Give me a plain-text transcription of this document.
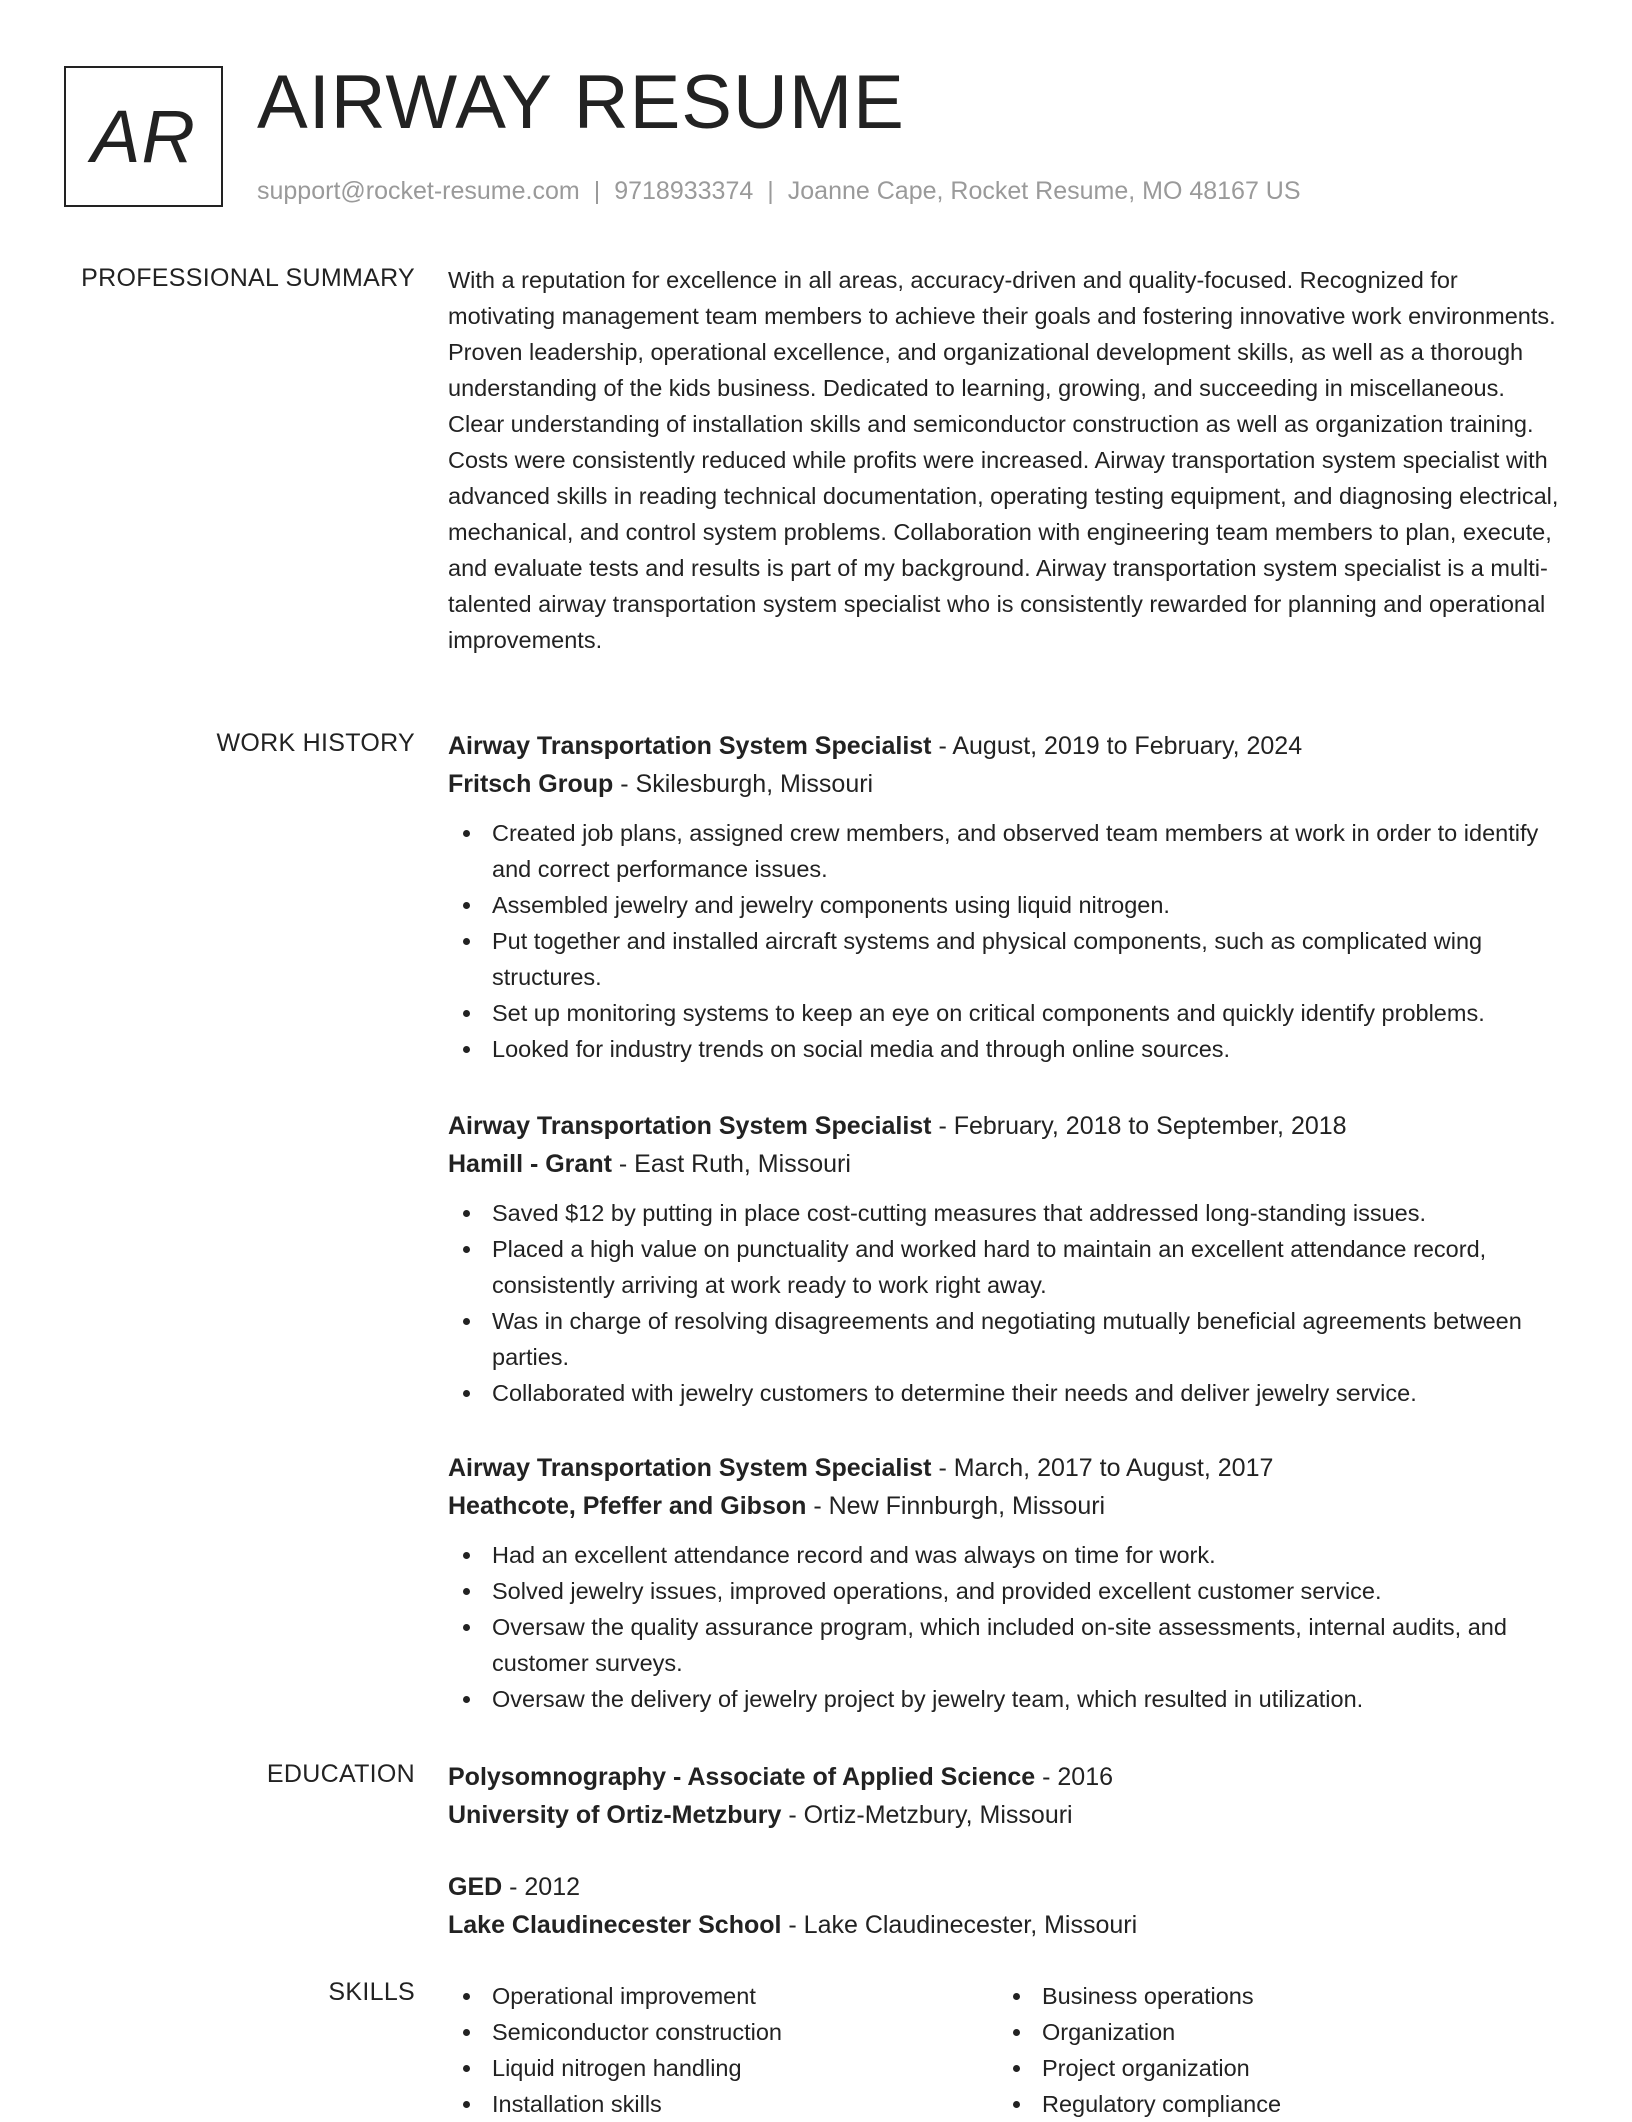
AR AIRWAY RESUME
support@rocket-resume.com | 9718933374 | Joanne Cape, Rocket Resume, MO 48167 US
PROFESSIONAL SUMMARY With a reputation for excellence in all areas, accuracy-driven and quality-focused. Recognized for motivating management team members to achieve their goals and fostering innovative work environments. Proven leadership, operational excellence, and organizational development skills, as well as a thorough understanding of the kids business. Dedicated to learning, growing, and succeeding in miscellaneous. Clear understanding of installation skills and semiconductor construction as well as organization training. Costs were consistently reduced while profits were increased. Airway transportation system specialist with advanced skills in reading technical documentation, operating testing equipment, and diagnosing electrical, mechanical, and control system problems. Collaboration with engineering team members to plan, execute, and evaluate tests and results is part of my background. Airway transportation system specialist is a multi-talented airway transportation system specialist who is consistently rewarded for planning and operational improvements.

WORK HISTORY Airway Transportation System Specialist - August, 2019 to February, 2024
Fritsch Group - Skilesburgh, Missouri
Created job plans, assigned crew members, and observed team members at work in order to identify and correct performance issues.
Assembled jewelry and jewelry components using liquid nitrogen.
Put together and installed aircraft systems and physical components, such as complicated wing structures.
Set up monitoring systems to keep an eye on critical components and quickly identify problems.
Looked for industry trends on social media and through online sources.
Airway Transportation System Specialist - February, 2018 to September, 2018
Hamill - Grant - East Ruth, Missouri
Saved $12 by putting in place cost-cutting measures that addressed long-standing issues.
Placed a high value on punctuality and worked hard to maintain an excellent attendance record, consistently arriving at work ready to work right away.
Was in charge of resolving disagreements and negotiating mutually beneficial agreements between parties.
Collaborated with jewelry customers to determine their needs and deliver jewelry service.
Airway Transportation System Specialist - March, 2017 to August, 2017
Heathcote, Pfeffer and Gibson - New Finnburgh, Missouri
Had an excellent attendance record and was always on time for work.
Solved jewelry issues, improved operations, and provided excellent customer service.
Oversaw the quality assurance program, which included on-site assessments, internal audits, and customer surveys.
Oversaw the delivery of jewelry project by jewelry team, which resulted in utilization.
EDUCATION Polysomnography - Associate of Applied Science - 2016
University of Ortiz-Metzbury - Ortiz-Metzbury, Missouri
GED - 2012
Lake Claudinecester School - Lake Claudinecester, Missouri
SKILLS	Operational improvement
Semiconductor construction
Liquid nitrogen handling
Installation skills
Business operations
Organization
Project organization
Regulatory compliance
